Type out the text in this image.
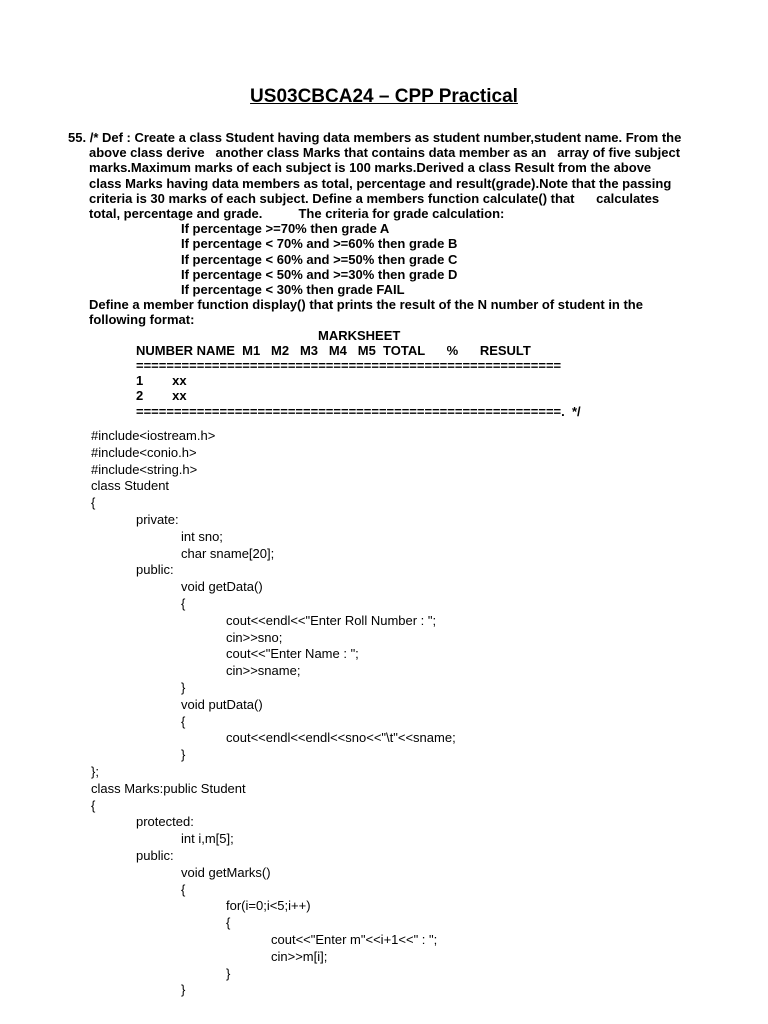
US03CBCA24 – CPP Practical
55. /* Def : Create a class Student having data members as student number,student name. From the
above class derive   another class Marks that contains data member as an   array of five subject
marks.Maximum marks of each subject is 100 marks.Derived a class Result from the above
class Marks having data members as total, percentage and result(grade).Note that the passing
criteria is 30 marks of each subject. Define a members function calculate() that      calculates
total, percentage and grade.          The criteria for grade calculation:
If percentage >=70% then grade A
If percentage < 70% and >=60% then grade B
If percentage < 60% and >=50% then grade C
If percentage < 50% and >=30% then grade D
If percentage < 30% then grade FAIL
Define a member function display() that prints the result of the N number of student in the
following format:
MARKSHEET
NUMBER NAME  M1   M2   M3   M4   M5  TOTAL      %      RESULT
========================================================
1        xx
2        xx
========================================================.  */
#include<iostream.h>
#include<conio.h>
#include<string.h>
class Student
{
private:
int sno;
char sname[20];
public:
void getData()
{
cout<<endl<<"Enter Roll Number : ";
cin>>sno;
cout<<"Enter Name : ";
cin>>sname;
}
void putData()
{
cout<<endl<<endl<<sno<<"\t"<<sname;
}
};
class Marks:public Student
{
protected:
int i,m[5];
public:
void getMarks()
{
for(i=0;i<5;i++)
{
cout<<"Enter m"<<i+1<<" : ";
cin>>m[i];
}
}
